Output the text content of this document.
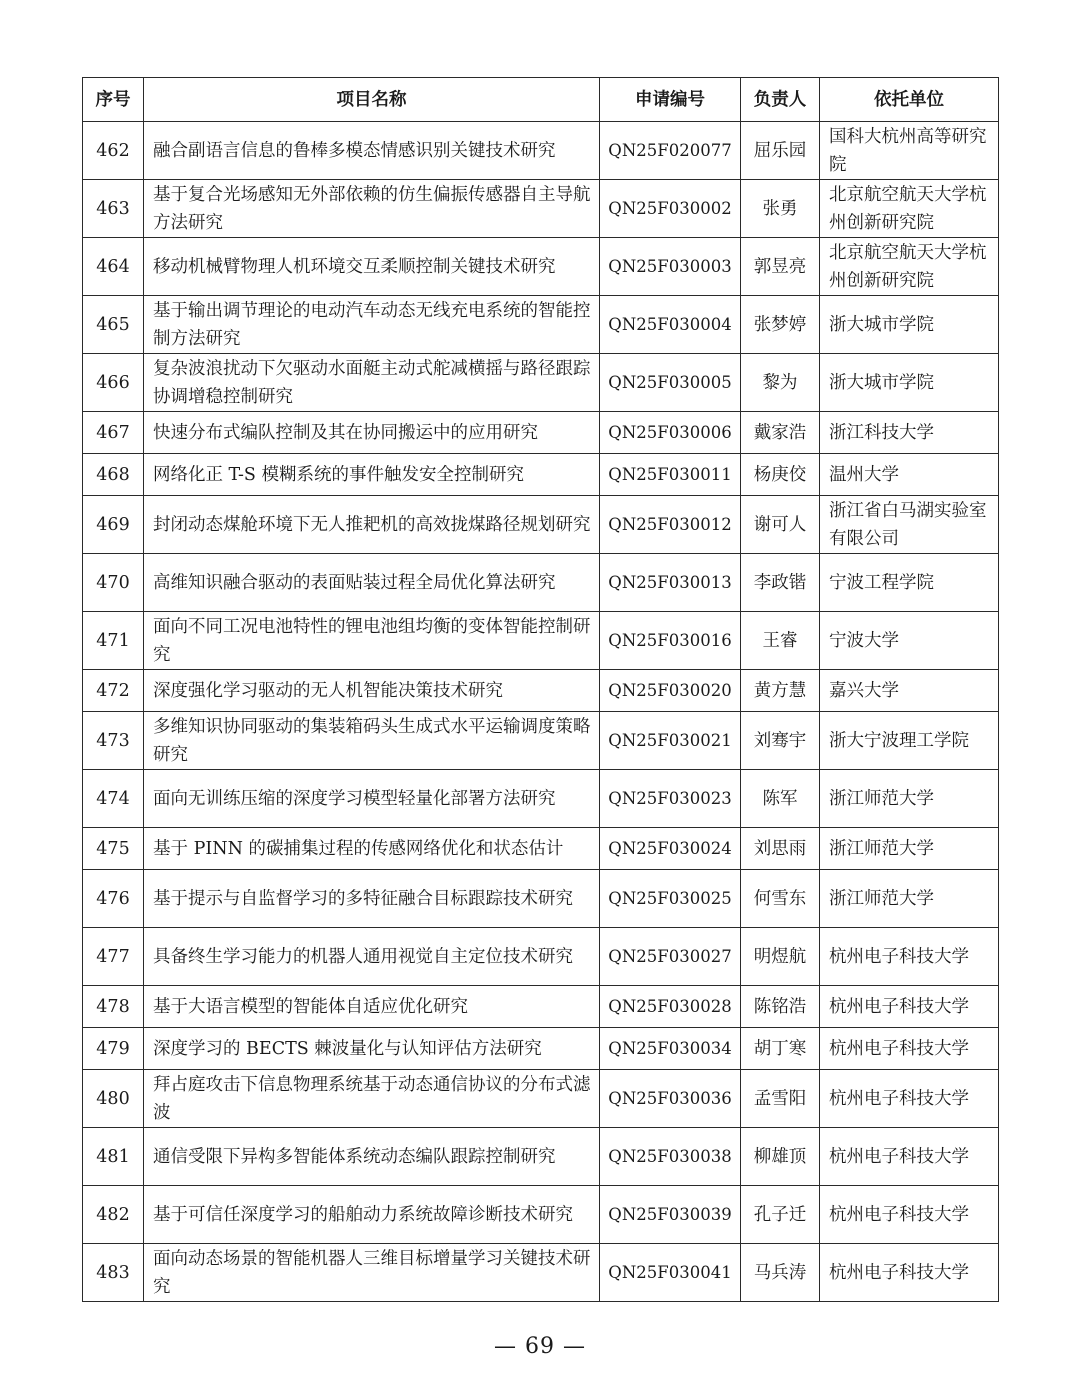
序号	项目名称	申请编号	负责人	依托单位
462	融合副语言信息的鲁棒多模态情感识别关键技术研究	QN25F020077	屈乐园	国科大杭州高等研究院
463	基于复合光场感知无外部依赖的仿生偏振传感器自主导航方法研究	QN25F030002	张勇	北京航空航天大学杭州创新研究院
464	移动机械臂物理人机环境交互柔顺控制关键技术研究	QN25F030003	郭昱亮	北京航空航天大学杭州创新研究院
465	基于输出调节理论的电动汽车动态无线充电系统的智能控制方法研究	QN25F030004	张梦婷	浙大城市学院
466	复杂波浪扰动下欠驱动水面艇主动式舵减横摇与路径跟踪协调增稳控制研究	QN25F030005	黎为	浙大城市学院
467	快速分布式编队控制及其在协同搬运中的应用研究	QN25F030006	戴家浩	浙江科技大学
468	网络化正 T-S 模糊系统的事件触发安全控制研究	QN25F030011	杨庚佼	温州大学
469	封闭动态煤舱环境下无人推耙机的高效拢煤路径规划研究	QN25F030012	谢可人	浙江省白马湖实验室有限公司
470	高维知识融合驱动的表面贴装过程全局优化算法研究	QN25F030013	李政锴	宁波工程学院
471	面向不同工况电池特性的锂电池组均衡的变体智能控制研究	QN25F030016	王睿	宁波大学
472	深度强化学习驱动的无人机智能决策技术研究	QN25F030020	黄方慧	嘉兴大学
473	多维知识协同驱动的集装箱码头生成式水平运输调度策略研究	QN25F030021	刘骞宇	浙大宁波理工学院
474	面向无训练压缩的深度学习模型轻量化部署方法研究	QN25F030023	陈军	浙江师范大学
475	基于 PINN 的碳捕集过程的传感网络优化和状态估计	QN25F030024	刘思雨	浙江师范大学
476	基于提示与自监督学习的多特征融合目标跟踪技术研究	QN25F030025	何雪东	浙江师范大学
477	具备终生学习能力的机器人通用视觉自主定位技术研究	QN25F030027	明煜航	杭州电子科技大学
478	基于大语言模型的智能体自适应优化研究	QN25F030028	陈铭浩	杭州电子科技大学
479	深度学习的 BECTS 棘波量化与认知评估方法研究	QN25F030034	胡丁寒	杭州电子科技大学
480	拜占庭攻击下信息物理系统基于动态通信协议的分布式滤波	QN25F030036	孟雪阳	杭州电子科技大学
481	通信受限下异构多智能体系统动态编队跟踪控制研究	QN25F030038	柳雄顶	杭州电子科技大学
482	基于可信任深度学习的船舶动力系统故障诊断技术研究	QN25F030039	孔子迁	杭州电子科技大学
483	面向动态场景的智能机器人三维目标增量学习关键技术研究	QN25F030041	马兵涛	杭州电子科技大学
— 69 —
